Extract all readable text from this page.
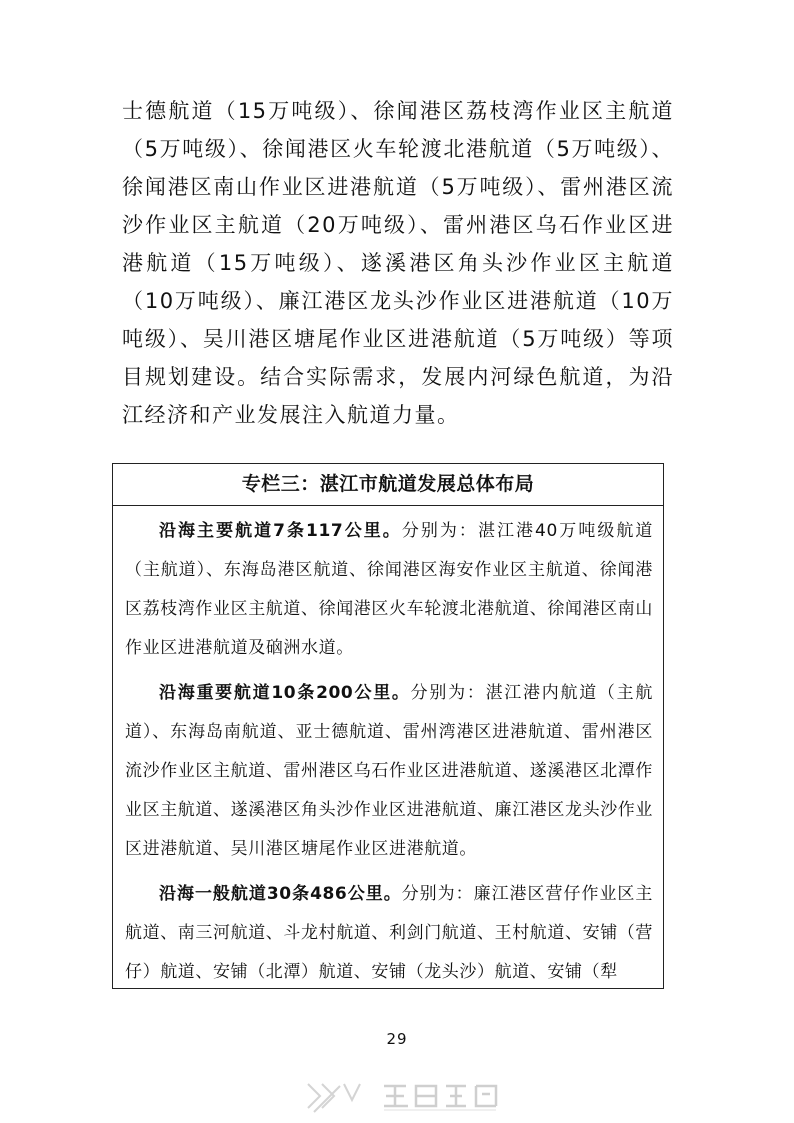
士德航道（15万吨级）、徐闻港区荔枝湾作业区主航道（5万吨级）、徐闻港区火车轮渡北港航道（5万吨级）、徐闻港区南山作业区进港航道（5万吨级）、雷州港区流沙作业区主航道（20万吨级）、雷州港区乌石作业区进港航道（15万吨级）、遂溪港区角头沙作业区主航道（10万吨级）、廉江港区龙头沙作业区进港航道（10万吨级）、吴川港区塘尾作业区进港航道（5万吨级）等项目规划建设。结合实际需求，发展内河绿色航道，为沿江经济和产业发展注入航道力量。

专栏三：湛江市航道发展总体布局

沿海主要航道7条117公里。分别为：湛江港40万吨级航道（主航道）、东海岛港区航道、徐闻港区海安作业区主航道、徐闻港区荔枝湾作业区主航道、徐闻港区火车轮渡北港航道、徐闻港区南山作业区进港航道及硇洲水道。

沿海重要航道10条200公里。分别为：湛江港内航道（主航道）、东海岛南航道、亚士德航道、雷州湾港区进港航道、雷州港区流沙作业区主航道、雷州港区乌石作业区进港航道、遂溪港区北潭作业区主航道、遂溪港区角头沙作业区进港航道、廉江港区龙头沙作业区进港航道、吴川港区塘尾作业区进港航道。

沿海一般航道30条486公里。分别为：廉江港区营仔作业区主航道、南三河航道、斗龙村航道、利剑门航道、王村航道、安铺（营仔）航道、安铺（北潭）航道、安铺（龙头沙）航道、安铺（犁

29
